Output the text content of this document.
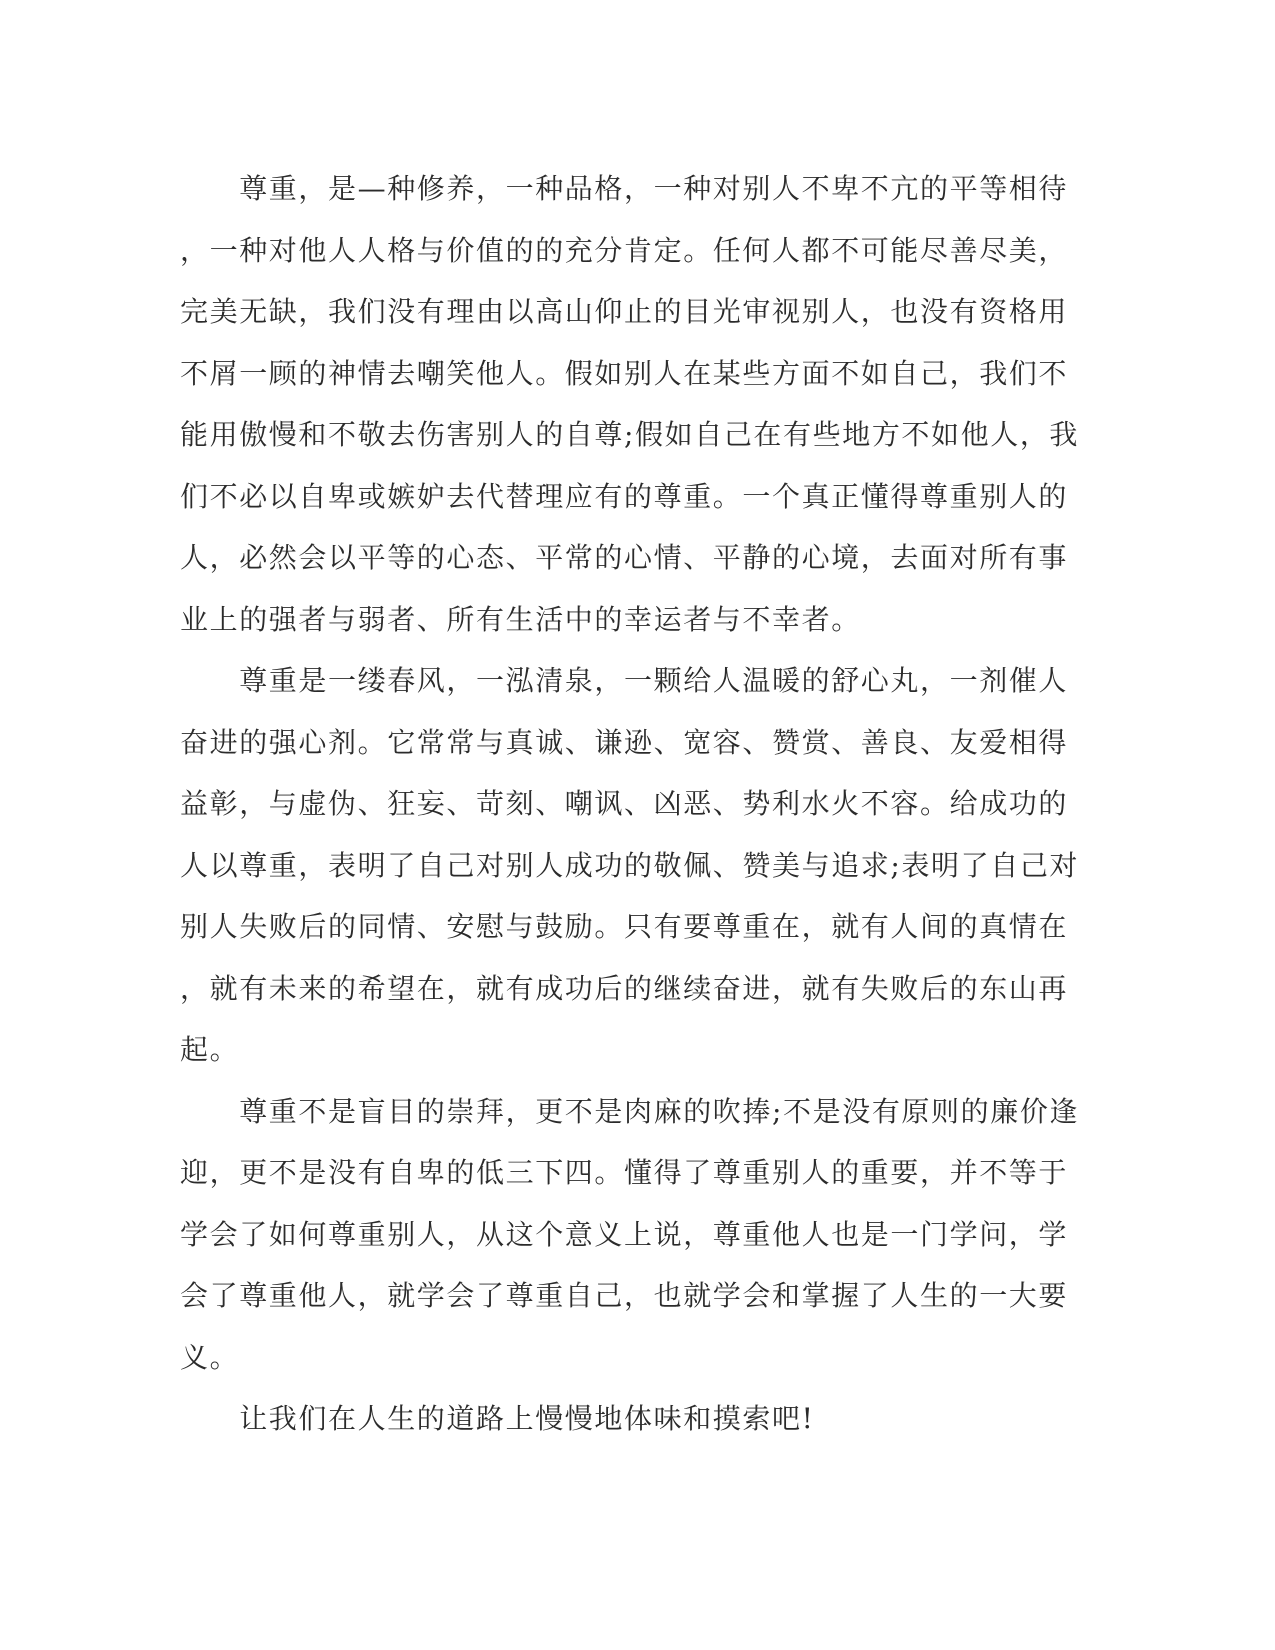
　　尊重，是—种修养，一种品格，一种对别人不卑不亢的平等相待
，一种对他人人格与价值的的充分肯定。任何人都不可能尽善尽美，
完美无缺，我们没有理由以高山仰止的目光审视别人，也没有资格用
不屑一顾的神情去嘲笑他人。假如别人在某些方面不如自己，我们不
能用傲慢和不敬去伤害别人的自尊;假如自己在有些地方不如他人，我
们不必以自卑或嫉妒去代替理应有的尊重。一个真正懂得尊重别人的
人，必然会以平等的心态、平常的心情、平静的心境，去面对所有事
业上的强者与弱者、所有生活中的幸运者与不幸者。
　　尊重是一缕春风，一泓清泉，一颗给人温暖的舒心丸，一剂催人
奋进的强心剂。它常常与真诚、谦逊、宽容、赞赏、善良、友爱相得
益彰，与虚伪、狂妄、苛刻、嘲讽、凶恶、势利水火不容。给成功的
人以尊重，表明了自己对别人成功的敬佩、赞美与追求;表明了自己对
别人失败后的同情、安慰与鼓励。只有要尊重在，就有人间的真情在
，就有未来的希望在，就有成功后的继续奋进，就有失败后的东山再
起。
　　尊重不是盲目的崇拜，更不是肉麻的吹捧;不是没有原则的廉价逢
迎，更不是没有自卑的低三下四。懂得了尊重别人的重要，并不等于
学会了如何尊重别人，从这个意义上说，尊重他人也是一门学问，学
会了尊重他人，就学会了尊重自己，也就学会和掌握了人生的一大要
义。
　　让我们在人生的道路上慢慢地体味和摸索吧!
